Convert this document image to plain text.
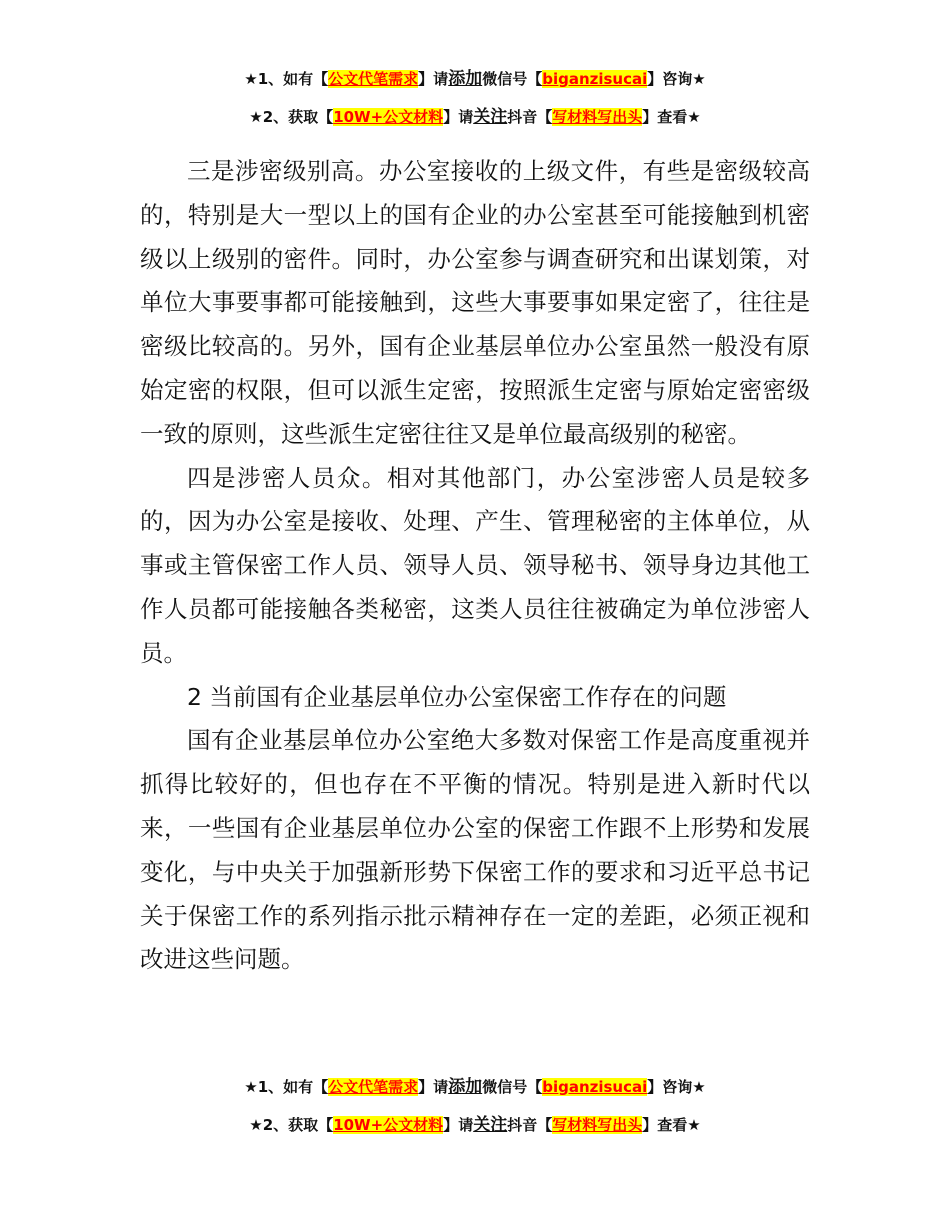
★1、如有【公文代笔需求】请添加微信号【biganzisucai】咨询★
★2、获取【10W+公文材料】请关注抖音【写材料写出头】查看★

三是涉密级别高。办公室接收的上级文件，有些是密级较高的，特别是大一型以上的国有企业的办公室甚至可能接触到机密级以上级别的密件。同时，办公室参与调查研究和出谋划策，对单位大事要事都可能接触到，这些大事要事如果定密了，往往是密级比较高的。另外，国有企业基层单位办公室虽然一般没有原始定密的权限，但可以派生定密，按照派生定密与原始定密密级一致的原则，这些派生定密往往又是单位最高级别的秘密。

四是涉密人员众。相对其他部门，办公室涉密人员是较多的，因为办公室是接收、处理、产生、管理秘密的主体单位，从事或主管保密工作人员、领导人员、领导秘书、领导身边其他工作人员都可能接触各类秘密，这类人员往往被确定为单位涉密人员。

2 当前国有企业基层单位办公室保密工作存在的问题

国有企业基层单位办公室绝大多数对保密工作是高度重视并抓得比较好的，但也存在不平衡的情况。特别是进入新时代以来，一些国有企业基层单位办公室的保密工作跟不上形势和发展变化，与中央关于加强新形势下保密工作的要求和习近平总书记关于保密工作的系列指示批示精神存在一定的差距，必须正视和改进这些问题。

★1、如有【公文代笔需求】请添加微信号【biganzisucai】咨询★
★2、获取【10W+公文材料】请关注抖音【写材料写出头】查看★
